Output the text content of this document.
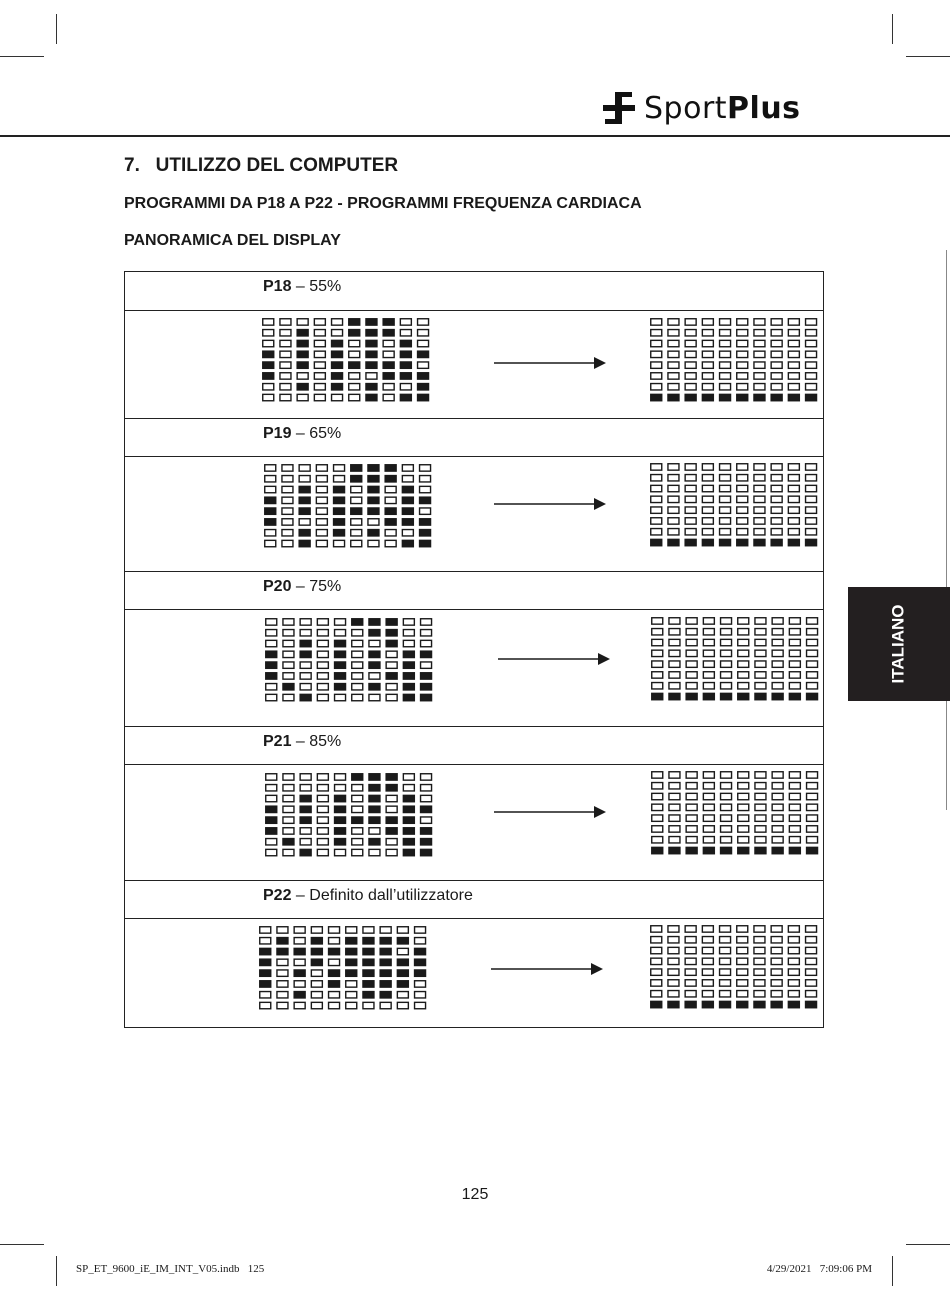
SportPlus
7.   UTILIZZO DEL COMPUTER
PROGRAMMI DA P18 A P22 - PROGRAMMI FREQUENZA CARDIACA
PANORAMICA DEL DISPLAY
ITALIANO
P18 – 55%
P19 – 65%
P20 – 75%
P21 – 85%
P22 – Definito dall’utilizzatore
125
SP_ET_9600_iE_IM_INT_V05.indb   125	4/29/2021   7:09:06 PM
